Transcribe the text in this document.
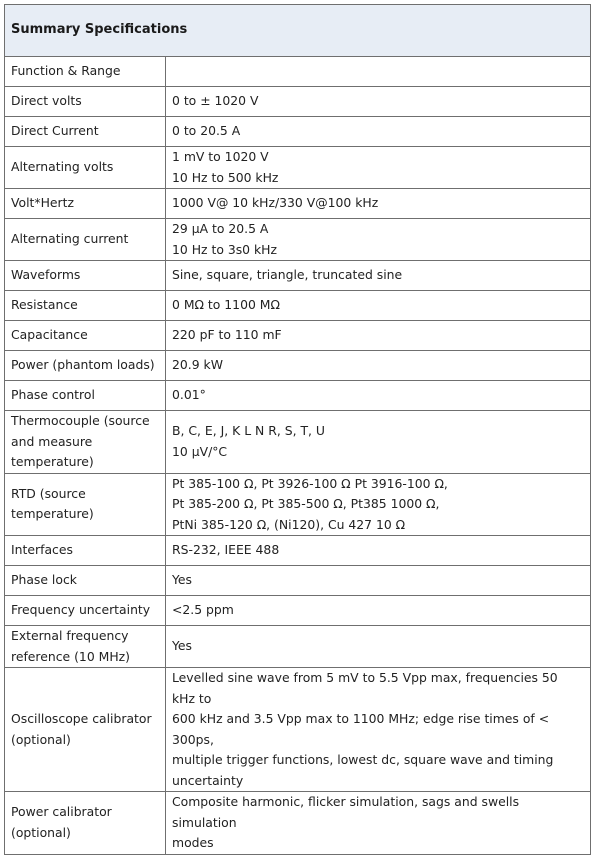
Summary Specifications	

Function & Range	

Direct volts	0 to ± 1020 V

Direct Current	0 to 20.5 A

Alternating volts	1 mV to 1020 V
10 Hz to 500 kHz

Volt*Hertz	1000 V@ 10 kHz/330 V@100 kHz

Alternating current	29 µA to 20.5 A
10 Hz to 3s0 kHz

Waveforms	Sine, square, triangle, truncated sine

Resistance	0 MΩ to 1100 MΩ

Capacitance	220 pF to 110 mF

Power (phantom loads)	20.9 kW

Phase control	0.01°

Thermocouple (source
and measure
temperature)	B, C, E, J, K L N R, S, T, U
10 µV/°C

RTD (source
temperature)	Pt 385-100 Ω, Pt 3926-100 Ω Pt 3916-100 Ω,
Pt 385-200 Ω, Pt 385-500 Ω, Pt385 1000 Ω,
PtNi 385-120 Ω, (Ni120), Cu 427 10 Ω

Interfaces	RS-232, IEEE 488

Phase lock	Yes

Frequency uncertainty	<2.5 ppm

External frequency
reference (10 MHz)	Yes

Oscilloscope calibrator
(optional)	Levelled sine wave from 5 mV to 5.5 Vpp max, frequencies 50 kHz to
600 kHz and 3.5 Vpp max to 1100 MHz; edge rise times of < 300ps,
multiple trigger functions, lowest dc, square wave and timing
uncertainty

Power calibrator
(optional)	Composite harmonic, flicker simulation, sags and swells simulation
modes
